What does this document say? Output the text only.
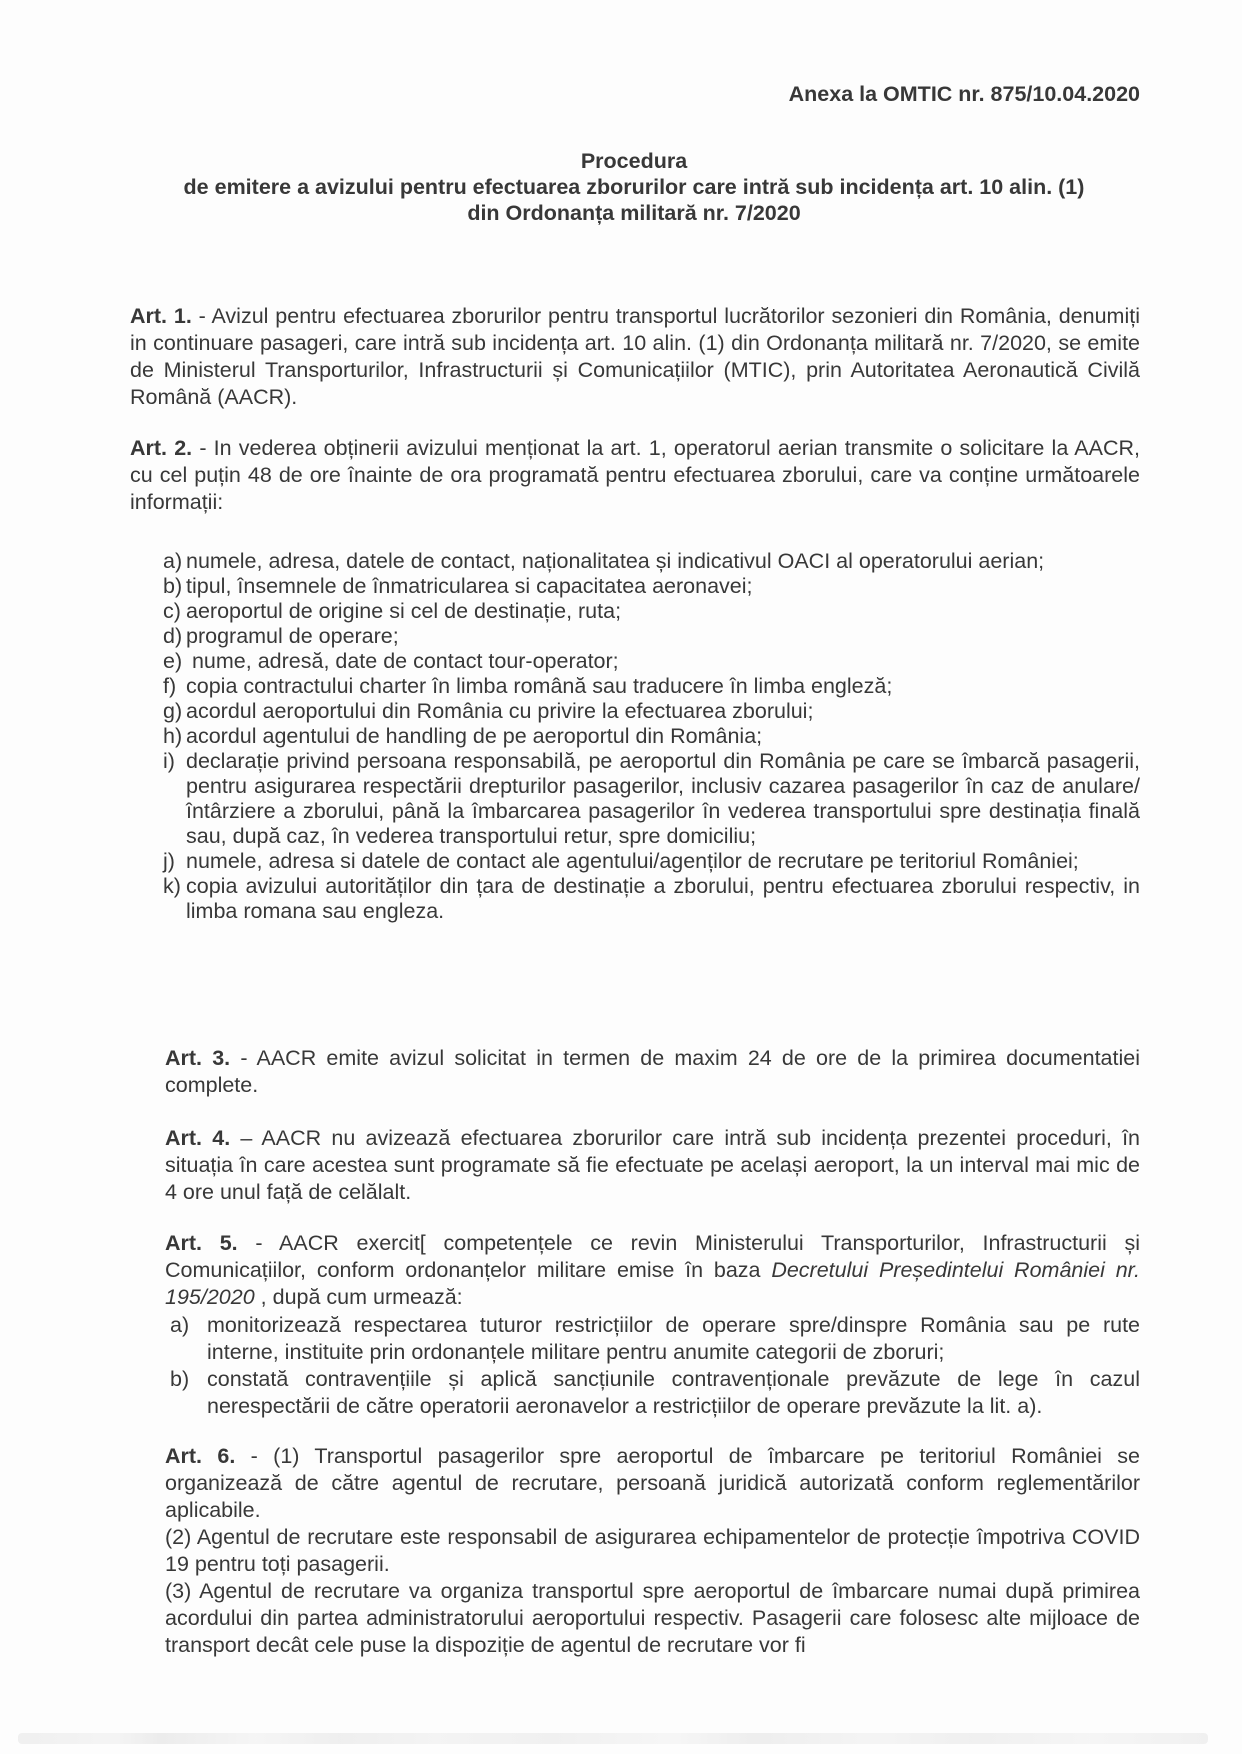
Anexa la OMTIC nr. 875/10.04.2020
Procedura
de emitere a avizului pentru efectuarea zborurilor care intră sub incidența art. 10 alin. (1)
din Ordonanța militară nr. 7/2020
Art. 1. - Avizul pentru efectuarea zborurilor pentru transportul lucrătorilor sezonieri din România, denumiți in continuare pasageri, care intră sub incidența art. 10 alin. (1) din Ordonanța militară nr. 7/2020, se emite de Ministerul Transporturilor, Infrastructurii și Comunicațiilor (MTIC), prin Autoritatea Aeronautică Civilă Română (AACR).
Art. 2. - In vederea obținerii avizului menționat la art. 1, operatorul aerian transmite o solicitare la AACR, cu cel puțin 48 de ore înainte de ora programată pentru efectuarea zborului, care va conține următoarele informații:
a) numele, adresa, datele de contact, naționalitatea și indicativul OACI al operatorului aerian;
b) tipul, însemnele de înmatricularea si capacitatea aeronavei;
c) aeroportul de origine si cel de destinație, ruta;
d) programul de operare;
e) nume, adresă, date de contact tour-operator;
f) copia contractului charter în limba română sau traducere în limba engleză;
g) acordul aeroportului din România cu privire la efectuarea zborului;
h) acordul agentului de handling de pe aeroportul din România;
i) declarație privind persoana responsabilă, pe aeroportul din România pe care se îmbarcă pasagerii, pentru asigurarea respectării drepturilor pasagerilor, inclusiv cazarea pasagerilor în caz de anulare/întârziere a zborului, până la îmbarcarea pasagerilor în vederea transportului spre destinația finală sau, după caz, în vederea transportului retur, spre domiciliu;
j) numele, adresa si datele de contact ale agentului/agenților de recrutare pe teritoriul României;
k) copia avizului autorităților din țara de destinație a zborului, pentru efectuarea zborului respectiv, in limba romana sau engleza.
Art. 3. - AACR emite avizul solicitat in termen de maxim 24 de ore de la primirea documentatiei complete.
Art. 4. – AACR nu avizează efectuarea zborurilor care intră sub incidența prezentei proceduri, în situația în care acestea sunt programate să fie efectuate pe același aeroport, la un interval mai mic de 4 ore unul față de celălalt.
Art. 5. - AACR exercit[ competențele ce revin Ministerului Transporturilor, Infrastructurii și Comunicațiilor, conform ordonanțelor militare emise în baza Decretului Președintelui României nr. 195/2020 , după cum urmează:
a) monitorizează respectarea tuturor restricțiilor de operare spre/dinspre România sau pe rute interne, instituite prin ordonanțele militare pentru anumite categorii de zboruri;
b) constată contravențiile și aplică sancțiunile contravenționale prevăzute de lege în cazul nerespectării de către operatorii aeronavelor a restricțiilor de operare prevăzute la lit. a).
Art. 6. - (1) Transportul pasagerilor spre aeroportul de îmbarcare pe teritoriul României se organizează de către agentul de recrutare, persoană juridică autorizată conform reglementărilor aplicabile.
(2) Agentul de recrutare este responsabil de asigurarea echipamentelor de protecție împotriva COVID 19 pentru toți pasagerii.
(3) Agentul de recrutare va organiza transportul spre aeroportul de îmbarcare numai după primirea acordului din partea administratorului aeroportului respectiv. Pasagerii care folosesc alte mijloace de transport decât cele puse la dispoziție de agentul de recrutare vor fi
